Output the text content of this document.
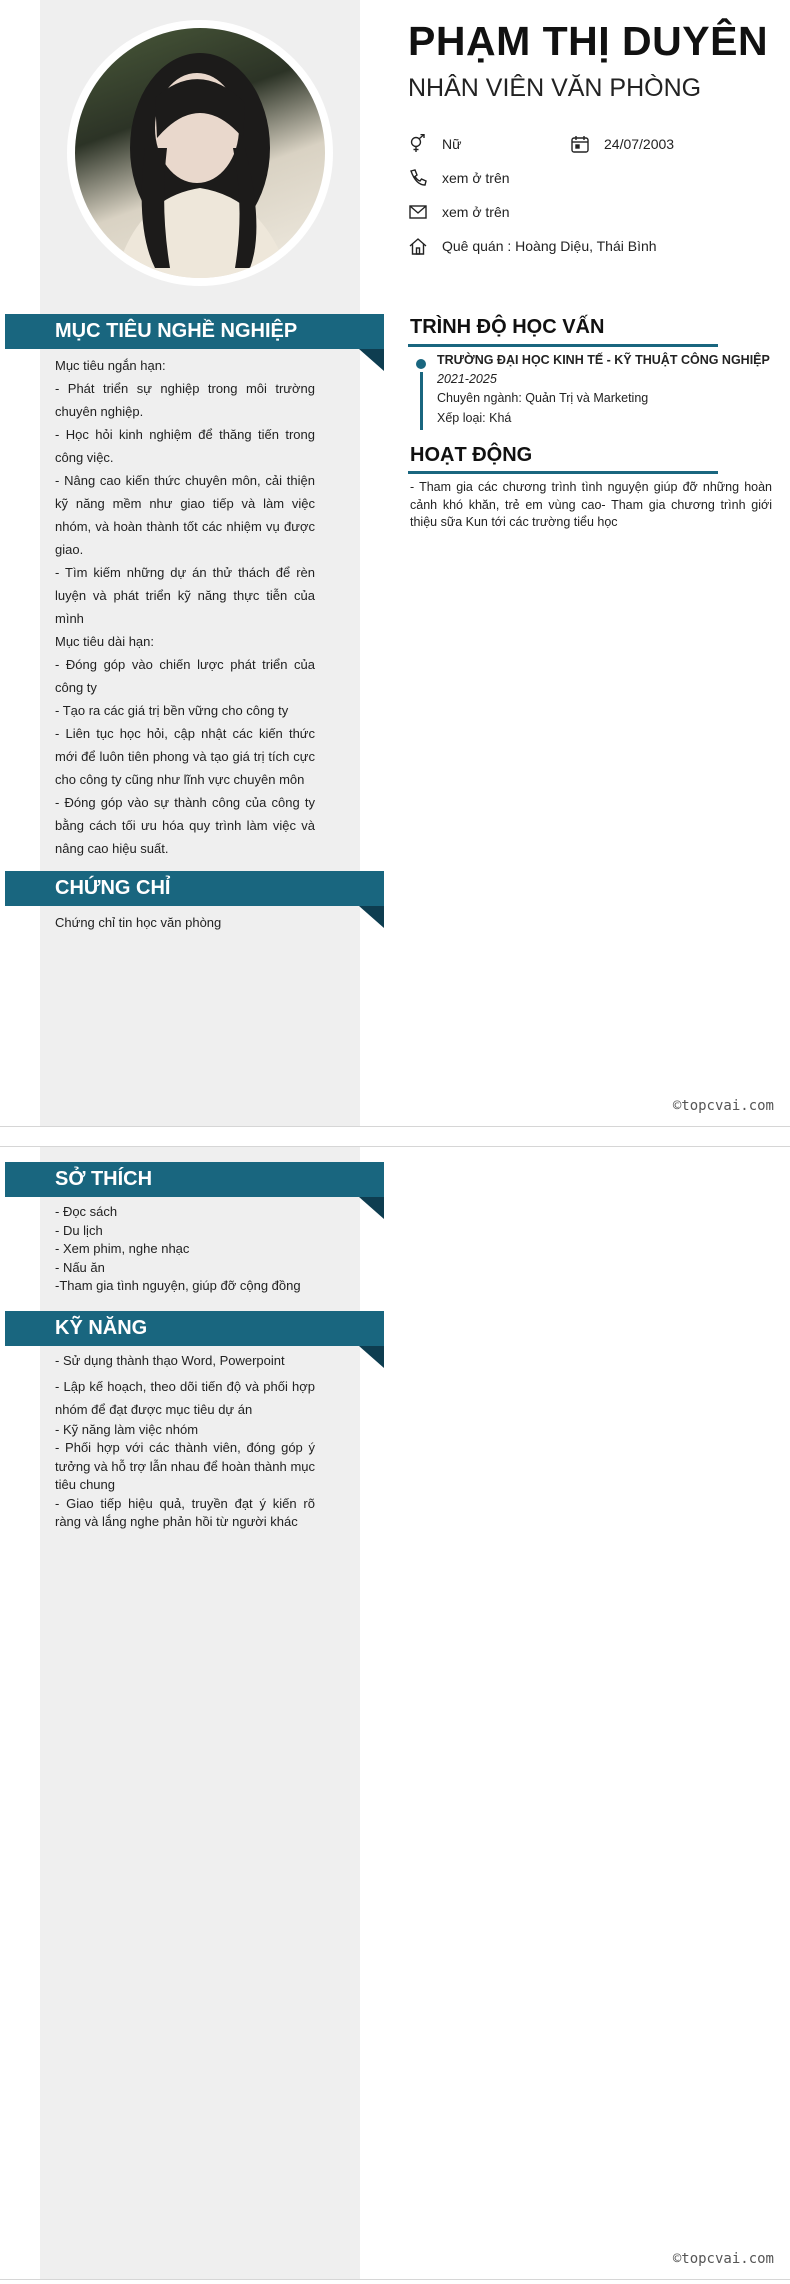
PHẠM THỊ DUYÊN
NHÂN VIÊN VĂN PHÒNG
Nữ	24/07/2003
xem ở trên
xem ở trên
Quê quán : Hoàng Diệu, Thái Bình
MỤC TIÊU NGHỀ NGHIỆP

Mục tiêu ngắn hạn:

- Phát triển sự nghiệp trong môi trường chuyên nghiệp.

- Học hỏi kinh nghiệm để thăng tiến trong công việc.

- Nâng cao kiến thức chuyên môn, cải thiện kỹ năng mềm như giao tiếp và làm việc nhóm, và hoàn thành tốt các nhiệm vụ được giao.

- Tìm kiếm những dự án thử thách để rèn luyện và phát triển kỹ năng thực tiễn của mình

Mục tiêu dài hạn:

- Đóng góp vào chiến lược phát triển của công ty

- Tạo ra các giá trị bền vững cho công ty

- Liên tục học hỏi, cập nhật các kiến thức mới để luôn tiên phong và tạo giá trị tích cực cho công ty cũng như lĩnh vực chuyên môn

- Đóng góp vào sự thành công của công ty bằng cách tối ưu hóa quy trình làm việc và nâng cao hiệu suất.

CHỨNG CHỈ

Chứng chỉ tin học văn phòng

TRÌNH ĐỘ HỌC VẤN
TRƯỜNG ĐẠI HỌC KINH TẾ - KỸ THUẬT CÔNG NGHIỆP
2021-2025
Chuyên ngành: Quản Trị và Marketing
Xếp loại: Khá
HOẠT ĐỘNG
- Tham gia các chương trình tình nguyện giúp đỡ những hoàn cảnh khó khăn, trẻ em vùng cao- Tham gia chương trình giới thiệu sữa Kun tới các trường tiểu học
©topcvai.com
SỞ THÍCH

- Đọc sách

- Du lịch

- Xem phim, nghe nhạc

- Nấu ăn

-Tham gia tình nguyện, giúp đỡ cộng đồng

KỸ NĂNG

- Sử dụng thành thạo Word, Powerpoint

- Lập kế hoạch, theo dõi tiến độ và phối hợp nhóm để đạt được mục tiêu dự án

- Kỹ năng làm việc nhóm

- Phối hợp với các thành viên, đóng góp ý tưởng và hỗ trợ lẫn nhau để hoàn thành mục tiêu chung

- Giao tiếp hiệu quả, truyền đạt ý kiến rõ ràng và lắng nghe phản hồi từ người khác

©topcvai.com
